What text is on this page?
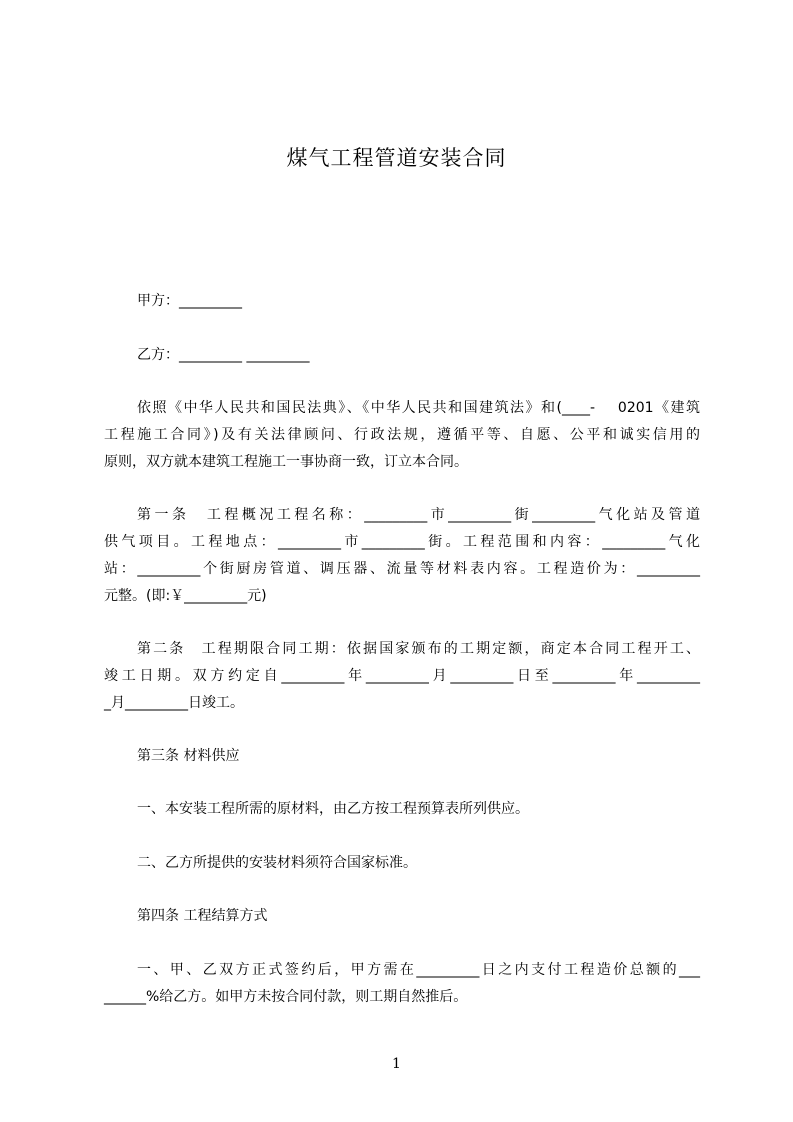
煤气工程管道安装合同
甲方：_________
乙方：_________ _________
依照《中华人民共和国民法典》、《中华人民共和国建筑法》和(____-　 0201《建筑
工程施工合同》)及有关法律顾问、行政法规，遵循平等、自愿、公平和诚实信用的
原则，双方就本建筑工程施工一事协商一致，订立本合同。
第一条　工程概况工程名称：_________市_________街_________气化站及管道
供气项目。工程地点：_________市_________街。工程范围和内容：_________气化
站：_________个街厨房管道、调压器、流量等材料表内容。工程造价为：_________
元整。(即:￥_________元)
第二条　工程期限合同工期：依据国家颁布的工期定额，商定本合同工程开工、
竣工日期。双方约定自_________年_________月_________日至_________年_________
_月_________日竣工。
第三条 材料供应
一、本安装工程所需的原材料，由乙方按工程预算表所列供应。
二、乙方所提供的安装材料须符合国家标准。
第四条 工程结算方式
一、甲、乙双方正式签约后，甲方需在_________日之内支付工程造价总额的___
______%给乙方。如甲方未按合同付款，则工期自然推后。
1
